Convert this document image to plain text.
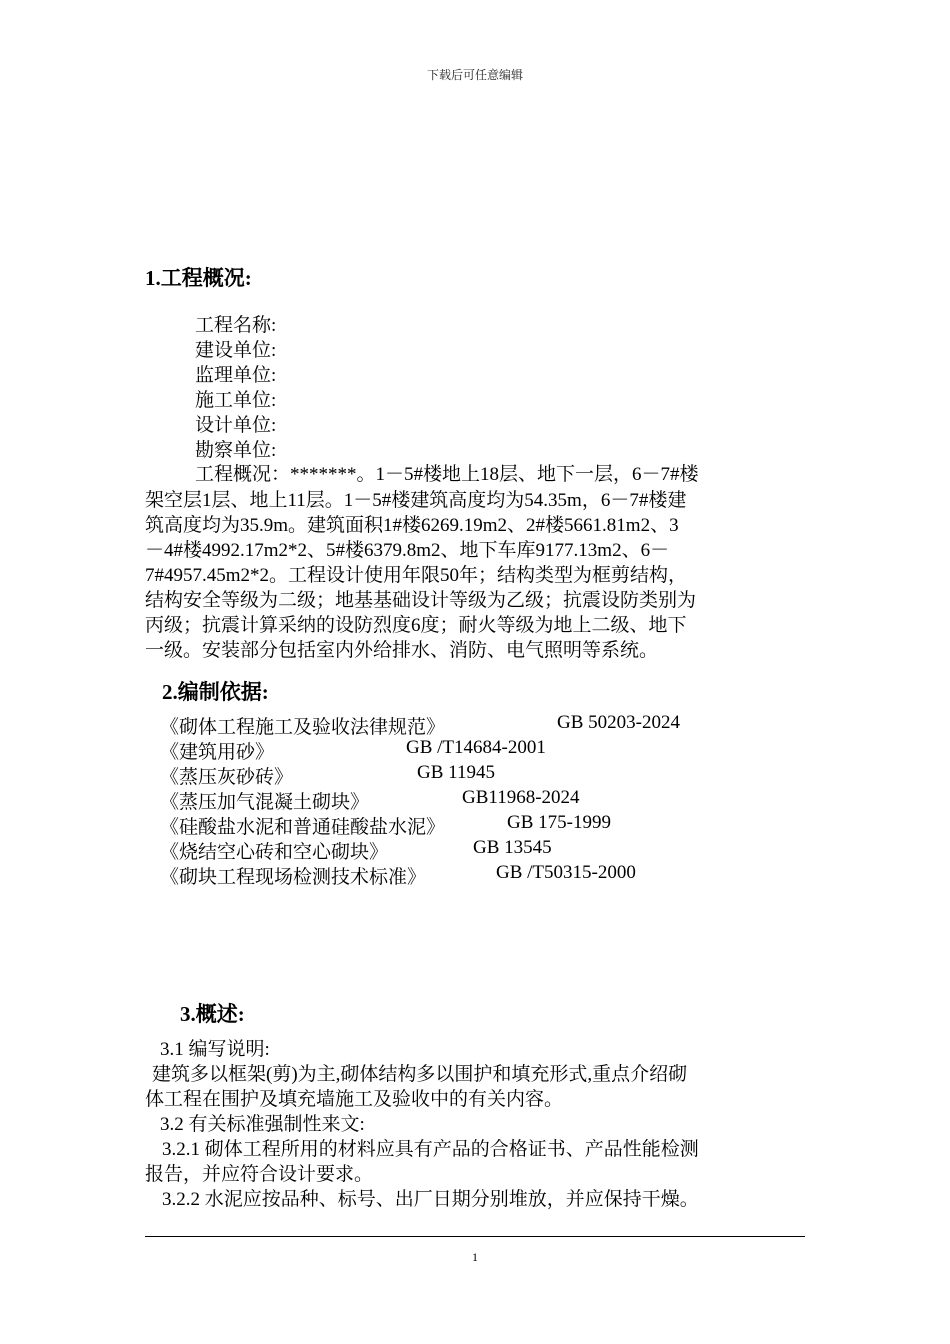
下载后可任意编辑
1.工程概况:
工程名称:
建设单位:
监理单位:
施工单位:
设计单位:
勘察单位:
工程概况：*******。1－5#楼地上18层、地下一层，6－7#楼
架空层1层、地上11层。1－5#楼建筑高度均为54.35m，6－7#楼建
筑高度均为35.9m。建筑面积1#楼6269.19m2、2#楼5661.81m2、3
－4#楼4992.17m2*2、5#楼6379.8m2、地下车库9177.13m2、6－
7#4957.45m2*2。工程设计使用年限50年；结构类型为框剪结构，
结构安全等级为二级；地基基础设计等级为乙级；抗震设防类别为
丙级；抗震计算采纳的设防烈度6度；耐火等级为地上二级、地下
一级。安装部分包括室内外给排水、消防、电气照明等系统。
2.编制依据:
《砌体工程施工及验收法律规范》	GB 50203-2024
《建筑用砂》	GB /T14684-2001
《蒸压灰砂砖》	GB 11945
《蒸压加气混凝土砌块》	GB11968-2024
《硅酸盐水泥和普通硅酸盐水泥》	GB 175-1999
《烧结空心砖和空心砌块》	GB 13545
《砌块工程现场检测技术标准》	GB /T50315-2000
3.概述:
3.1 编写说明:
建筑多以框架(剪)为主,砌体结构多以围护和填充形式,重点介绍砌
体工程在围护及填充墙施工及验收中的有关内容。
3.2 有关标准强制性来文:
3.2.1 砌体工程所用的材料应具有产品的合格证书、产品性能检测
报告，并应符合设计要求。
3.2.2 水泥应按品种、标号、出厂日期分别堆放，并应保持干燥。
1
